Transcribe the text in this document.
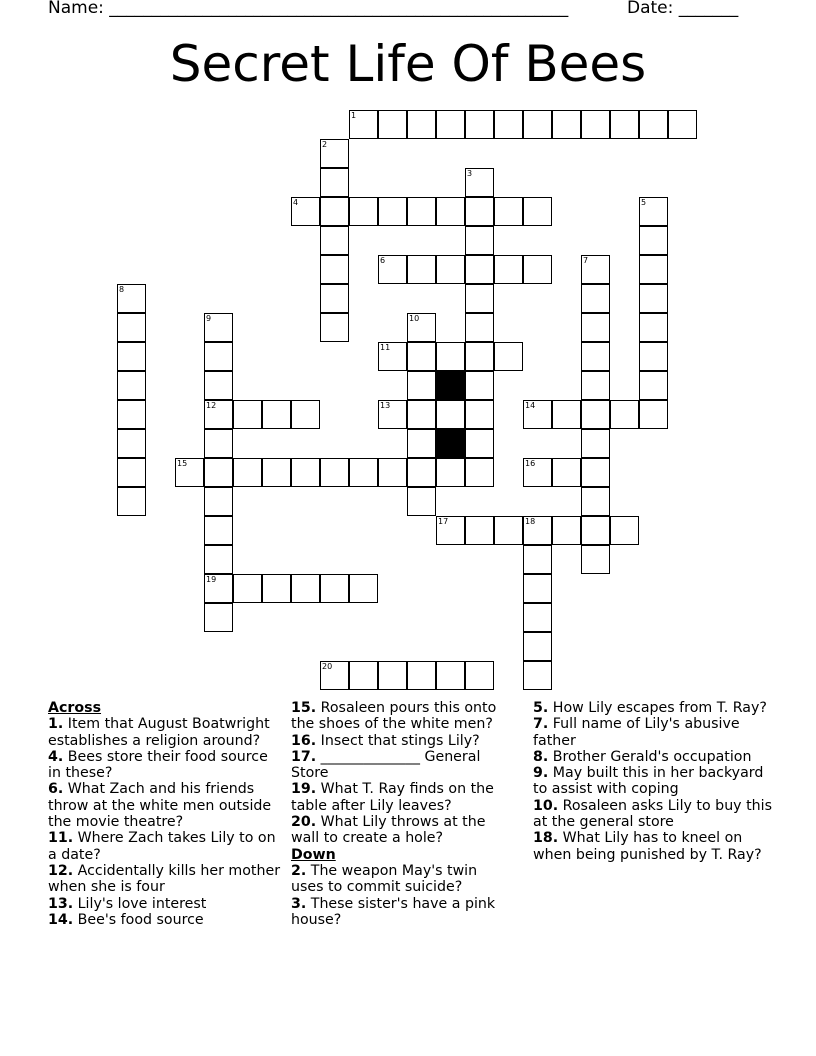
Name: ______________________________________________________	Date: _______
Secret Life Of Bees
1
2
3
4	5
6	7
8
9
12
19
10
11
13	14
15	16
17	18
20
Across

1. Item that August Boatwright establishes a religion around?

4. Bees store their food source in these?

6. What Zach and his friends throw at the white men outside the movie theatre?

11. Where Zach takes Lily to on a date?

12. Accidentally kills her mother when she is four

13. Lily's love interest

14. Bee's food source

15. Rosaleen pours this onto the shoes of the white men?

16. Insect that stings Lily?

17. ______________ General Store

19. What T. Ray finds on the table after Lily leaves?

20. What Lily throws at the wall to create a hole?

Down

2. The weapon May's twin uses to commit suicide?

3. These sister's have a pink house?

5. How Lily escapes from T. Ray?

7. Full name of Lily's abusive father

8. Brother Gerald's occupation

9. May built this in her backyard to assist with coping

10. Rosaleen asks Lily to buy this at the general store

18. What Lily has to kneel on when being punished by T. Ray?
